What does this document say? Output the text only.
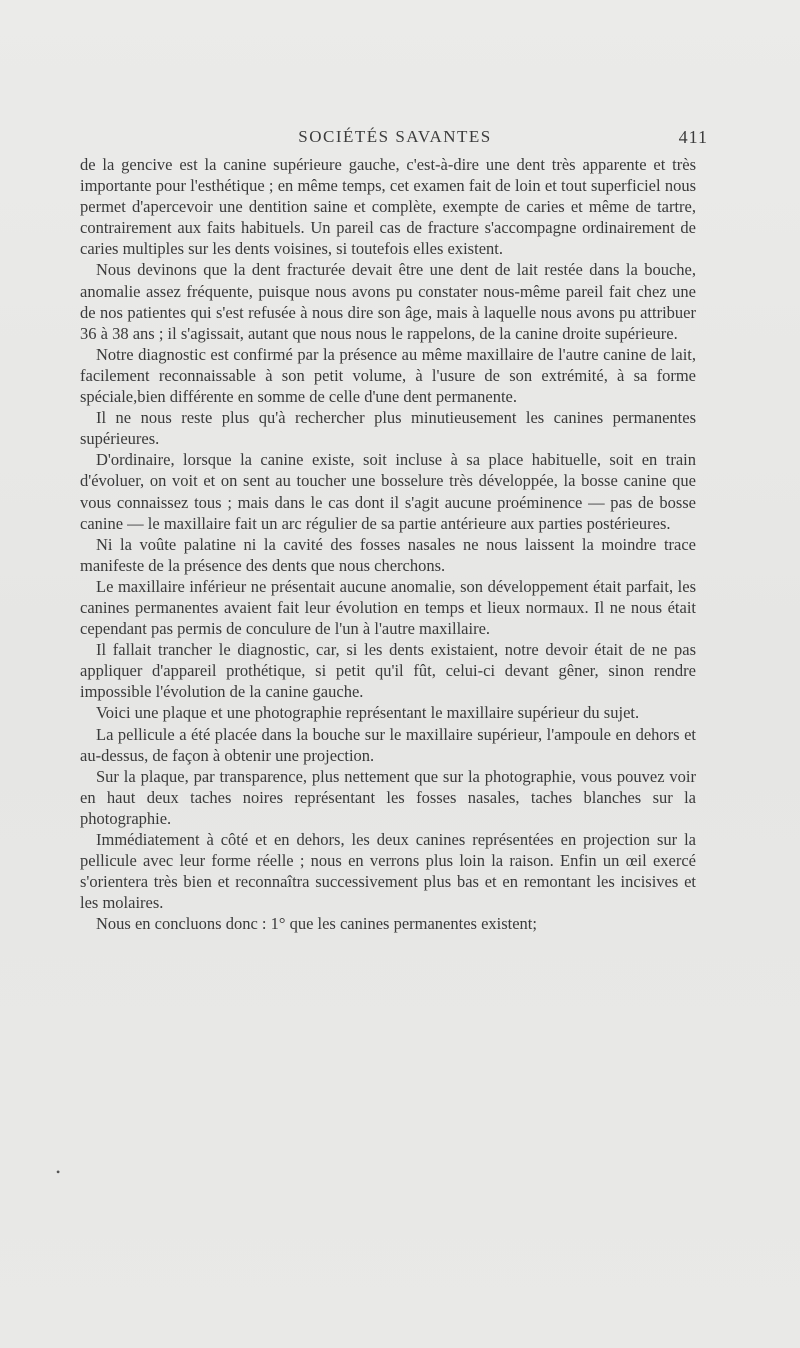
SOCIÉTÉS SAVANTES	411

de la gencive est la canine supérieure gauche, c'est-à-dire une dent très apparente et très importante pour l'esthétique ; en même temps, cet examen fait de loin et tout superficiel nous permet d'apercevoir une dentition saine et complète, exempte de caries et même de tartre, contrairement aux faits habituels. Un pareil cas de fracture s'accompagne ordinairement de caries multiples sur les dents voisines, si toutefois elles existent.

Nous devinons que la dent fracturée devait être une dent de lait restée dans la bouche, anomalie assez fréquente, puisque nous avons pu constater nous-même pareil fait chez une de nos patientes qui s'est refusée à nous dire son âge, mais à laquelle nous avons pu attribuer 36 à 38 ans ; il s'agissait, autant que nous nous le rappelons, de la canine droite supérieure.

Notre diagnostic est confirmé par la présence au même maxillaire de l'autre canine de lait, facilement reconnaissable à son petit volume, à l'usure de son extrémité, à sa forme spéciale,bien différente en somme de celle d'une dent permanente.

Il ne nous reste plus qu'à rechercher plus minutieusement les canines permanentes supérieures.

D'ordinaire, lorsque la canine existe, soit incluse à sa place habituelle, soit en train d'évoluer, on voit et on sent au toucher une bosselure très développée, la bosse canine que vous connaissez tous ; mais dans le cas dont il s'agit aucune proéminence — pas de bosse canine — le maxillaire fait un arc régulier de sa partie antérieure aux parties postérieures.

Ni la voûte palatine ni la cavité des fosses nasales ne nous laissent la moindre trace manifeste de la présence des dents que nous cherchons.

Le maxillaire inférieur ne présentait aucune anomalie, son développement était parfait, les canines permanentes avaient fait leur évolution en temps et lieux normaux. Il ne nous était cependant pas permis de conculure de l'un à l'autre maxillaire.

Il fallait trancher le diagnostic, car, si les dents existaient, notre devoir était de ne pas appliquer d'appareil prothétique, si petit qu'il fût, celui-ci devant gêner, sinon rendre impossible l'évolution de la canine gauche.

Voici une plaque et une photographie représentant le maxillaire supérieur du sujet.

La pellicule a été placée dans la bouche sur le maxillaire supérieur, l'ampoule en dehors et au-dessus, de façon à obtenir une projection.

Sur la plaque, par transparence, plus nettement que sur la photographie, vous pouvez voir en haut deux taches noires représentant les fosses nasales, taches blanches sur la photographie.

Immédiatement à côté et en dehors, les deux canines représentées en projection sur la pellicule avec leur forme réelle ; nous en verrons plus loin la raison. Enfin un œil exercé s'orientera très bien et reconnaîtra successivement plus bas et en remontant les incisives et les molaires.

Nous en concluons donc : 1° que les canines permanentes existent;

•
